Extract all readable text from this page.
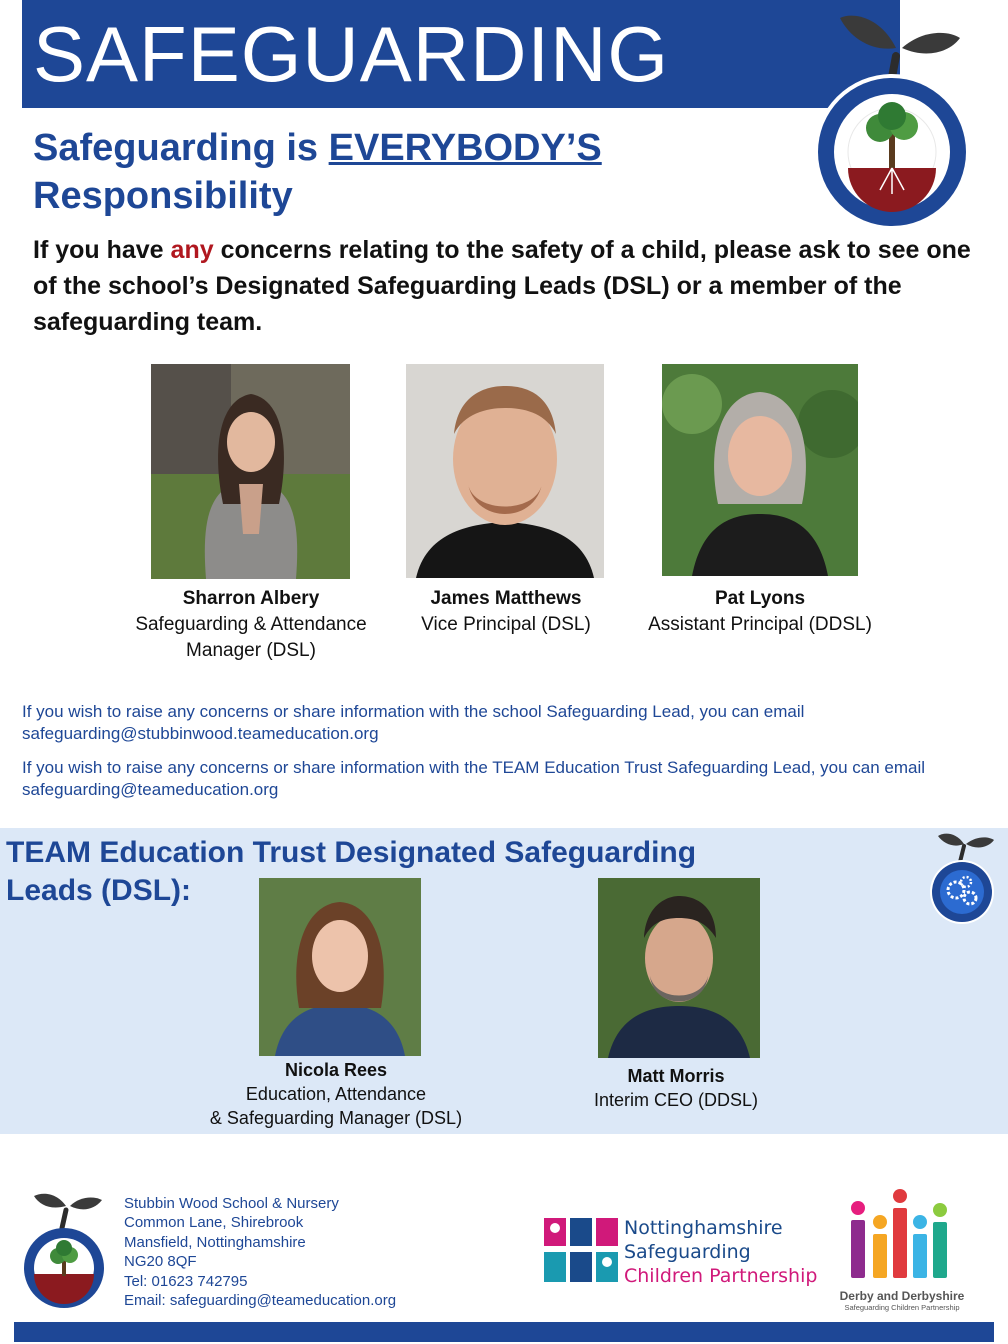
SAFEGUARDING
Safeguarding is EVERYBODY’S
Responsibility
If you have any concerns relating to the safety of a child, please ask to see one of the school’s Designated Safeguarding Leads (DSL) or a member of the safeguarding team.
Sharron Albery
Safeguarding & Attendance Manager (DSL)
James Matthews
Vice Principal (DSL)
Pat Lyons
Assistant Principal (DDSL)
If you wish to raise any concerns or share information with the school Safeguarding Lead, you can email safeguarding@stubbinwood.teameducation.org
If you wish to raise any concerns or share information with the TEAM Education Trust Safeguarding Lead, you can email safeguarding@teameducation.org
TEAM Education Trust Designated Safeguarding Leads (DSL):
Nicola Rees
Education, Attendance
& Safeguarding Manager (DSL)
Matt Morris
Interim CEO (DDSL)
Stubbin Wood School & Nursery
Common Lane, Shirebrook
Mansfield, Nottinghamshire
NG20 8QF
Tel: 01623 742795
Email: safeguarding@teameducation.org
Nottinghamshire
Safeguarding
Children Partnership
Derby and Derbyshire
Safeguarding Children Partnership
